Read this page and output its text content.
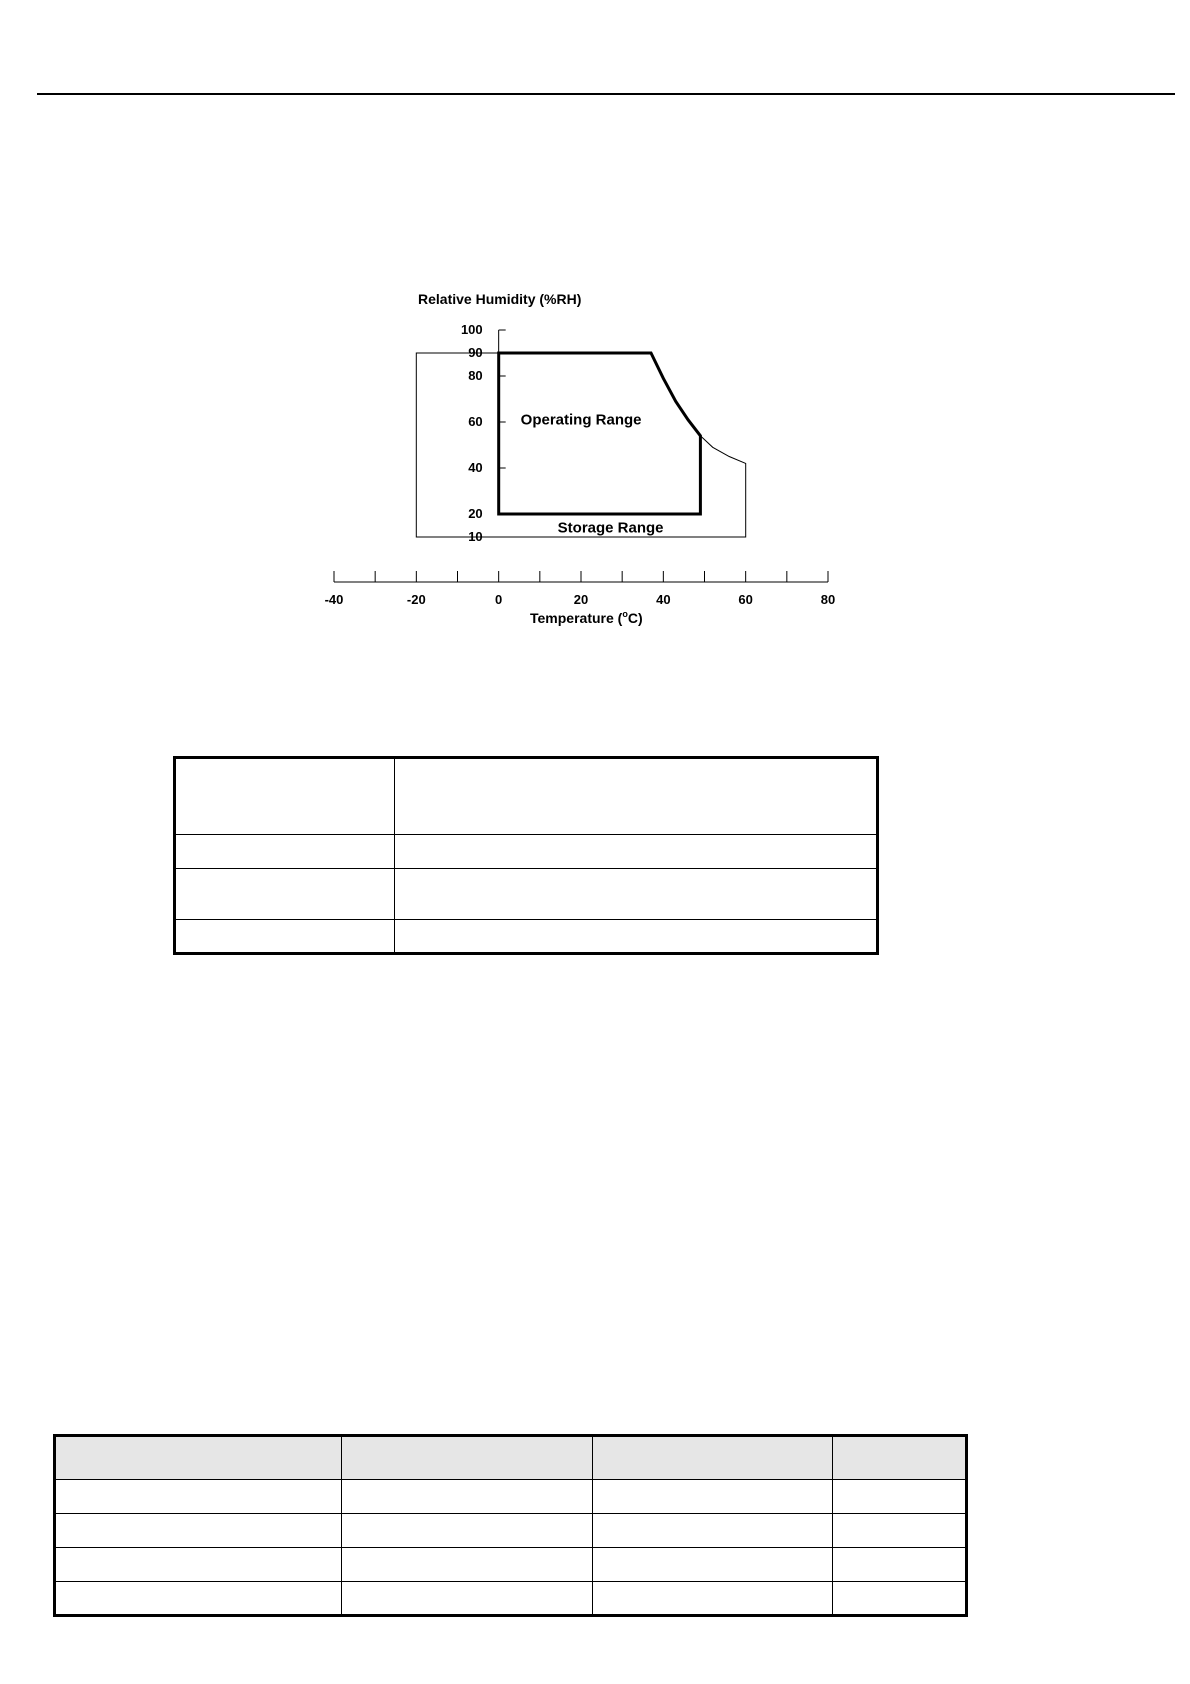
Relative Humidity (%RH)
Temperature ($^o$C)
100
90
80
60
40
20
10
-40	-20	0	20	40	60	80
Operating Range
Storage Range
